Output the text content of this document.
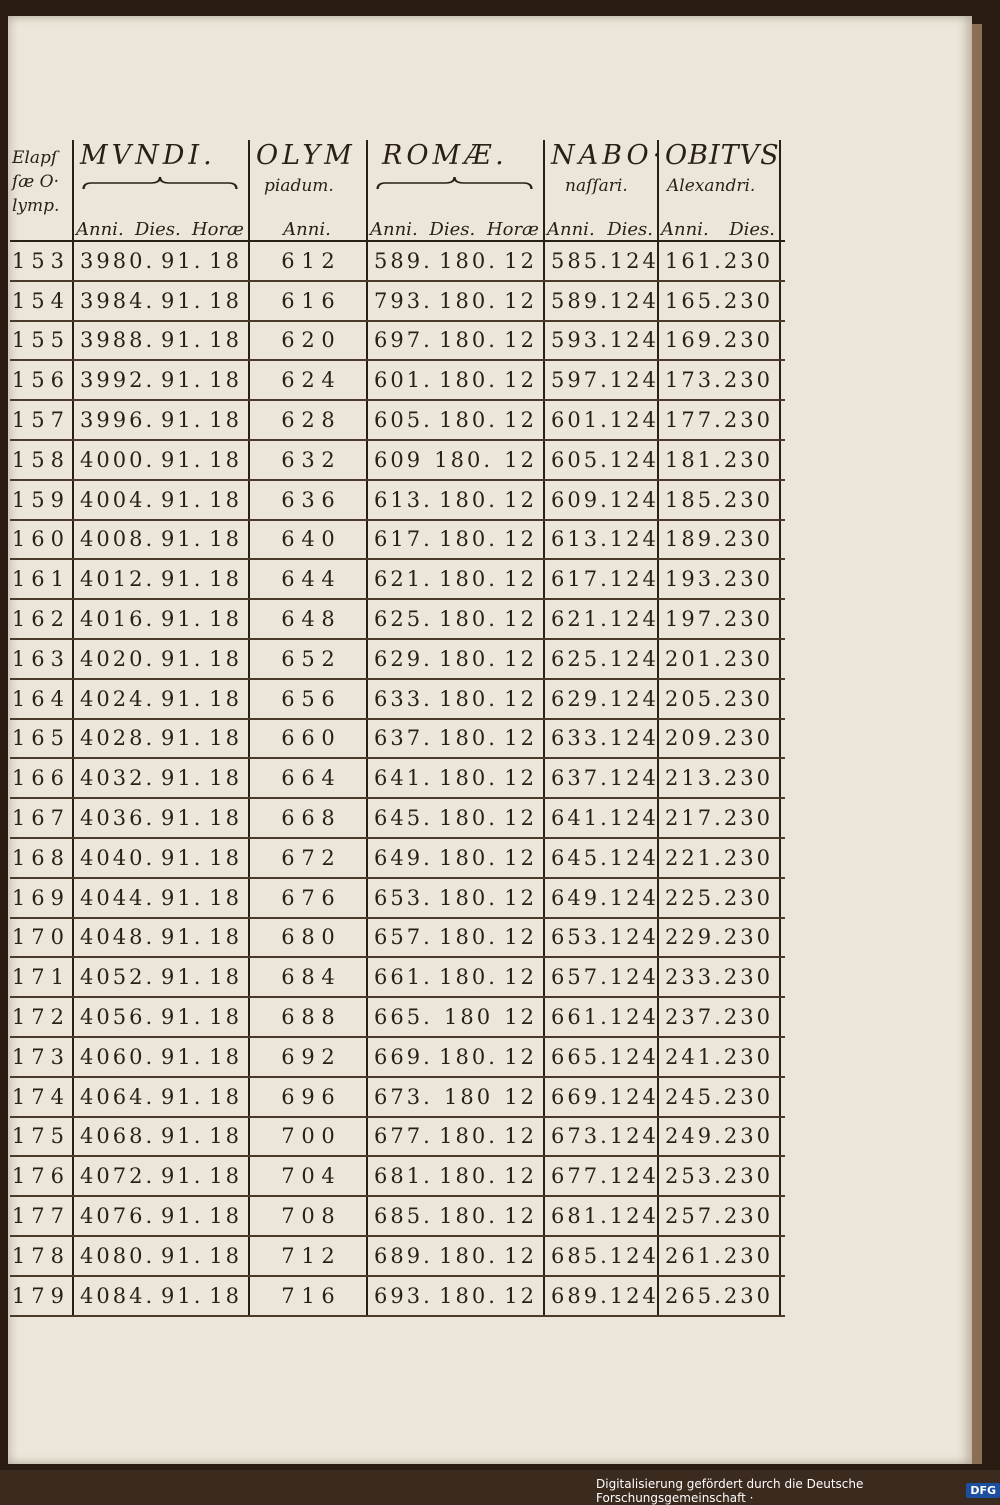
Elapſ
ſæ O·
lymp.
MVNDI.
Anni. Dies. Horæ
OLYM
piadum.
Anni.
ROMÆ.
Anni. Dies. Horæ
NABO·
naſſari.
Anni. Dies.
OBITVS
Alexandri.
Anni. Dies.
153 3980. 91. 18 6 1 2 589. 180. 12 585. 124 161. 230
154 3984. 91. 18 6 1 6 793. 180. 12 589. 124 165. 230
155 3988. 91. 18 6 2 0 697. 180. 12 593. 124 169. 230
156 3992. 91. 18 6 2 4 601. 180. 12 597. 124 173. 230
157 3996. 91. 18 6 2 8 605. 180. 12 601. 124 177. 230
158 4000. 91. 18 6 3 2 609 180. 12 605. 124 181. 230
159 4004. 91. 18 6 3 6 613. 180. 12 609. 124 185. 230
160 4008. 91. 18 6 4 0 617. 180. 12 613. 124 189. 230
161 4012. 91. 18 6 4 4 621. 180. 12 617. 124 193. 230
162 4016. 91. 18 6 4 8 625. 180. 12 621. 124 197. 230
163 4020. 91. 18 6 5 2 629. 180. 12 625. 124 201. 230
164 4024. 91. 18 6 5 6 633. 180. 12 629. 124 205. 230
165 4028. 91. 18 6 6 0 637. 180. 12 633. 124 209. 230
166 4032. 91. 18 6 6 4 641. 180. 12 637. 124 213. 230
167 4036. 91. 18 6 6 8 645. 180. 12 641. 124 217. 230
168 4040. 91. 18 6 7 2 649. 180. 12 645. 124 221. 230
169 4044. 91. 18 6 7 6 653. 180. 12 649. 124 225. 230
170 4048. 91. 18 6 8 0 657. 180. 12 653. 124 229. 230
171 4052. 91. 18 6 8 4 661. 180. 12 657. 124 233. 230
172 4056. 91. 18 6 8 8 665. 180 12 661. 124 237. 230
173 4060. 91. 18 6 9 2 669. 180. 12 665. 124 241. 230
174 4064. 91. 18 6 9 6 673. 180 12 669. 124 245. 230
175 4068. 91. 18 7 0 0 677. 180. 12 673. 124 249. 230
176 4072. 91. 18 7 0 4 681. 180. 12 677. 124 253. 230
177 4076. 91. 18 7 0 8 685. 180. 12 681. 124 257. 230
178 4080. 91. 18 7 1 2 689. 180. 12 685. 124 261. 230
179 4084. 91. 18 7 1 6 693. 180. 12 689. 124 265. 230
Digitalisierung gefördert durch die Deutsche Forschungsgemeinschaft ·	DFG
